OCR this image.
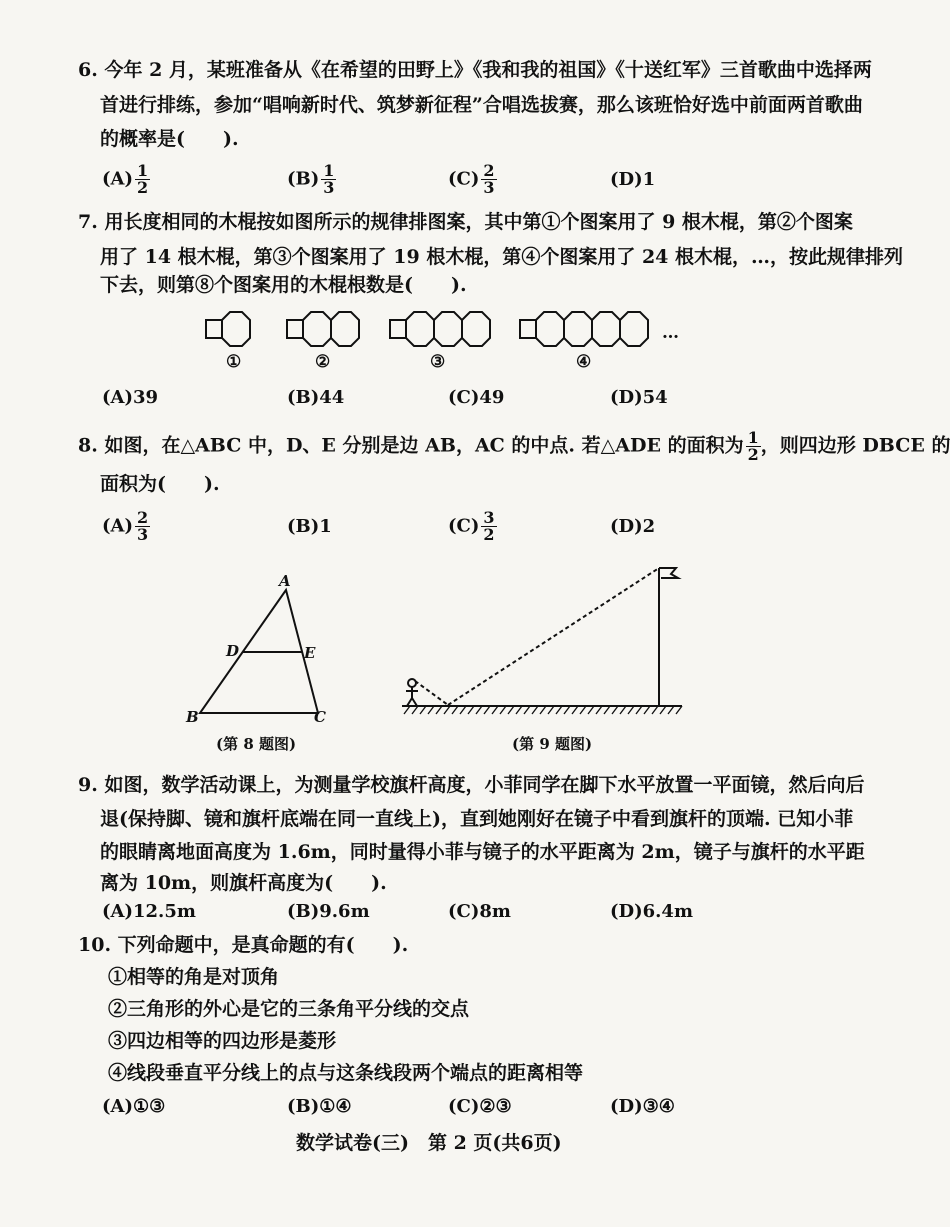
6. 今年 2 月，某班准备从《在希望的田野上》《我和我的祖国》《十送红军》三首歌曲中选择两
首进行排练，参加“唱响新时代、筑梦新征程”合唱选拔赛，那么该班恰好选中前面两首歌曲
的概率是(　　).
$(A) \frac{1}{2}$	$(B) \frac{1}{3}$	$(C) \frac{2}{3}$	(D)1
7. 用长度相同的木棍按如图所示的规律排图案，其中第①个图案用了 9 根木棍，第②个图案
用了 14 根木棍，第③个图案用了 19 根木棍，第④个图案用了 24 根木棍，…，按此规律排列
下去，则第⑧个图案用的木棍根数是(　　).
①	②	③	④
…
(A)39	(B)44	(C)49	(D)54
8. 如图，在△ABC 中，D、E 分别是边 AB，AC 的中点. 若△ADE 的面积为 $\frac{1}{2}$ ，则四边形 DBCE 的
面积为(　　).
$(A) \frac{2}{3}$	(B)1	$(C) \frac{3}{2}$	(D)2
A
B	C
D	E
(第 8 题图)	(第 9 题图)
9. 如图，数学活动课上，为测量学校旗杆高度，小菲同学在脚下水平放置一平面镜，然后向后
退(保持脚、镜和旗杆底端在同一直线上)，直到她刚好在镜子中看到旗杆的顶端. 已知小菲
的眼睛离地面高度为 1.6m，同时量得小菲与镜子的水平距离为 2m，镜子与旗杆的水平距
离为 10m，则旗杆高度为(　　).
(A)12.5m	(B)9.6m	(C)8m	(D)6.4m
10. 下列命题中，是真命题的有(　　).
①相等的角是对顶角
②三角形的外心是它的三条角平分线的交点
③四边相等的四边形是菱形
④线段垂直平分线上的点与这条线段两个端点的距离相等
(A)①③	(B)①④	(C)②③	(D)③④
数学试卷(三)　第 2 页(共6页)
